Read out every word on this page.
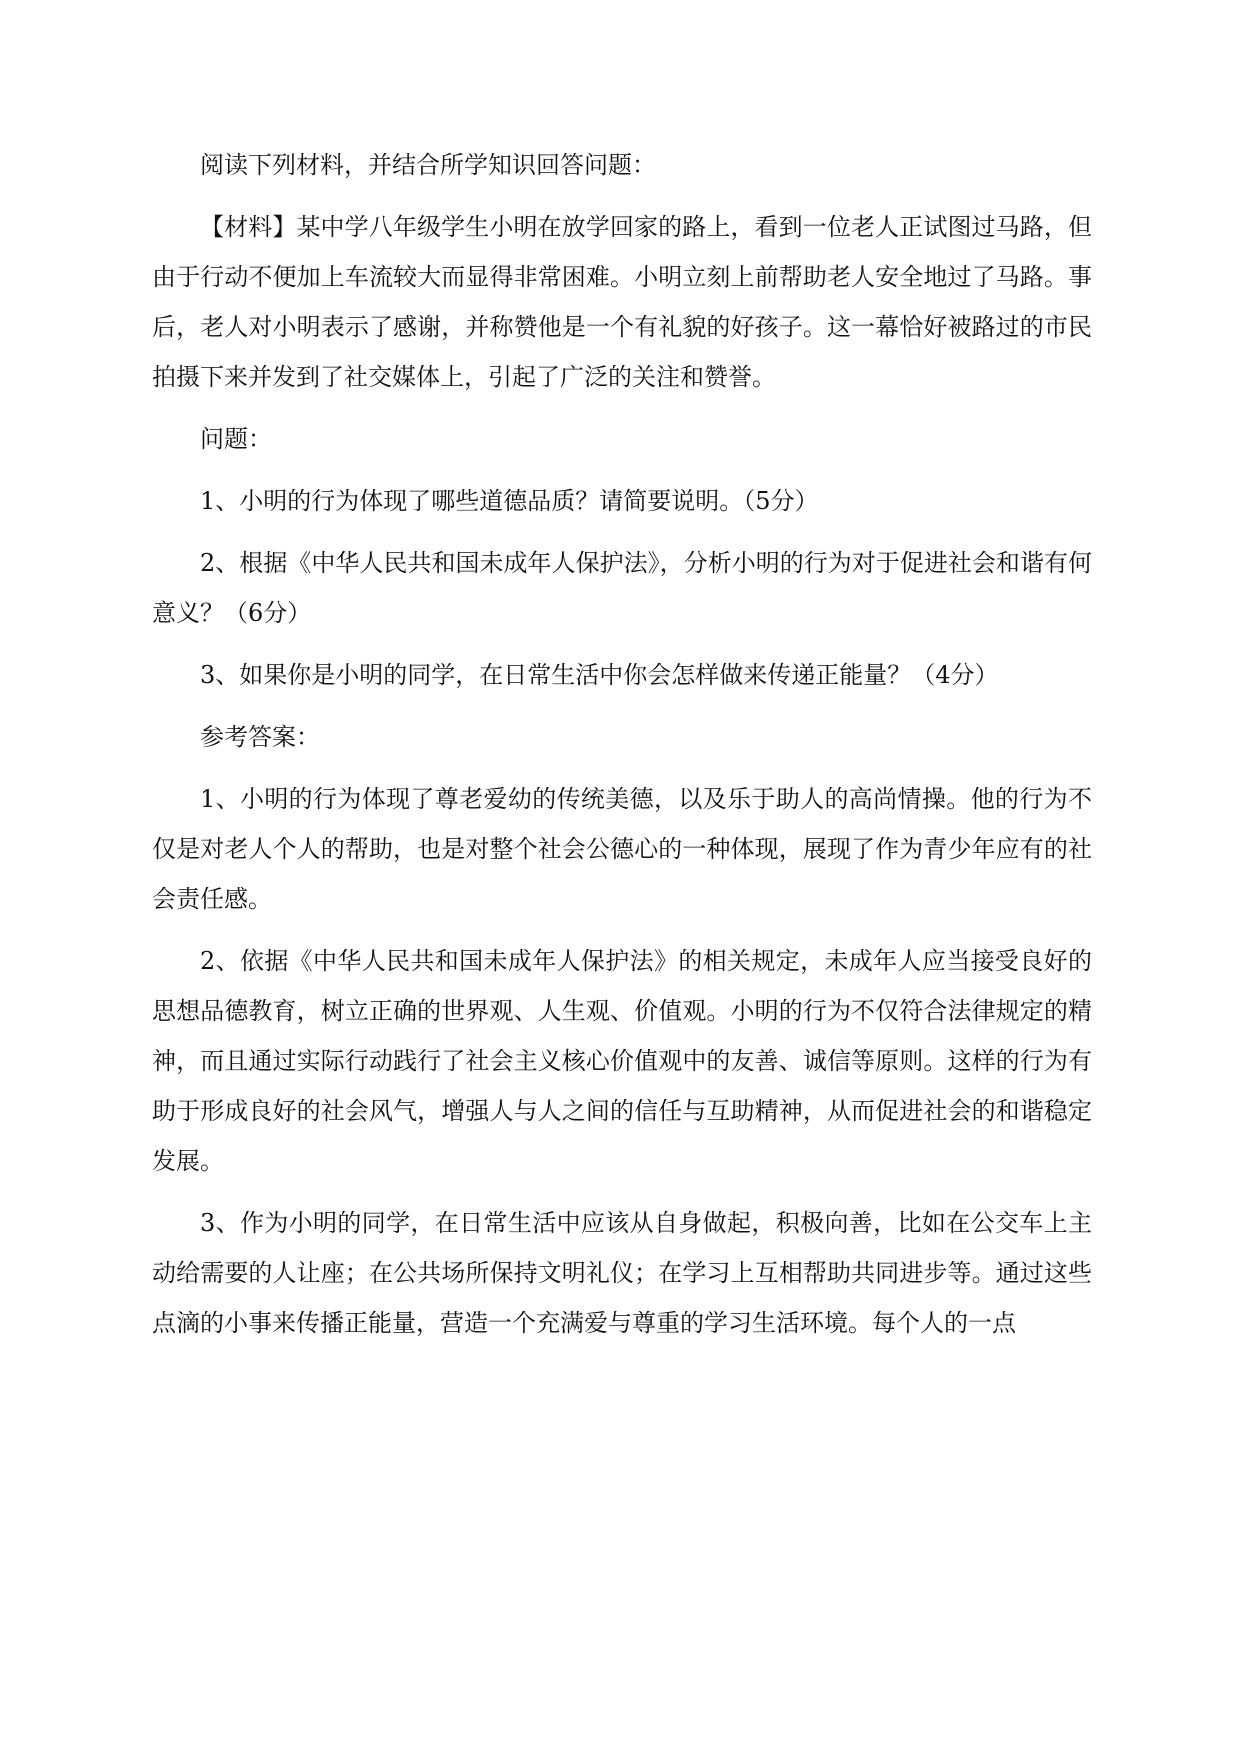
阅读下列材料，并结合所学知识回答问题：

【材料】某中学八年级学生小明在放学回家的路上，看到一位老人正试图过马路，但由于行动不便加上车流较大而显得非常困难。小明立刻上前帮助老人安全地过了马路。事后，老人对小明表示了感谢，并称赞他是一个有礼貌的好孩子。这一幕恰好被路过的市民拍摄下来并发到了社交媒体上，引起了广泛的关注和赞誉。

问题：

1、小明的行为体现了哪些道德品质？请简要说明。（5分）

2、根据《中华人民共和国未成年人保护法》，分析小明的行为对于促进社会和谐有何意义？（6分）

3、如果你是小明的同学，在日常生活中你会怎样做来传递正能量？（4分）

参考答案：

1、小明的行为体现了尊老爱幼的传统美德，以及乐于助人的高尚情操。他的行为不仅是对老人个人的帮助，也是对整个社会公德心的一种体现，展现了作为青少年应有的社会责任感。

2、依据《中华人民共和国未成年人保护法》的相关规定，未成年人应当接受良好的思想品德教育，树立正确的世界观、人生观、价值观。小明的行为不仅符合法律规定的精神，而且通过实际行动践行了社会主义核心价值观中的友善、诚信等原则。这样的行为有助于形成良好的社会风气，增强人与人之间的信任与互助精神，从而促进社会的和谐稳定发展。

3、作为小明的同学，在日常生活中应该从自身做起，积极向善，比如在公交车上主动给需要的人让座；在公共场所保持文明礼仪；在学习上互相帮助共同进步等。通过这些点滴的小事来传播正能量，营造一个充满爱与尊重的学习生活环境。每个人的一点
